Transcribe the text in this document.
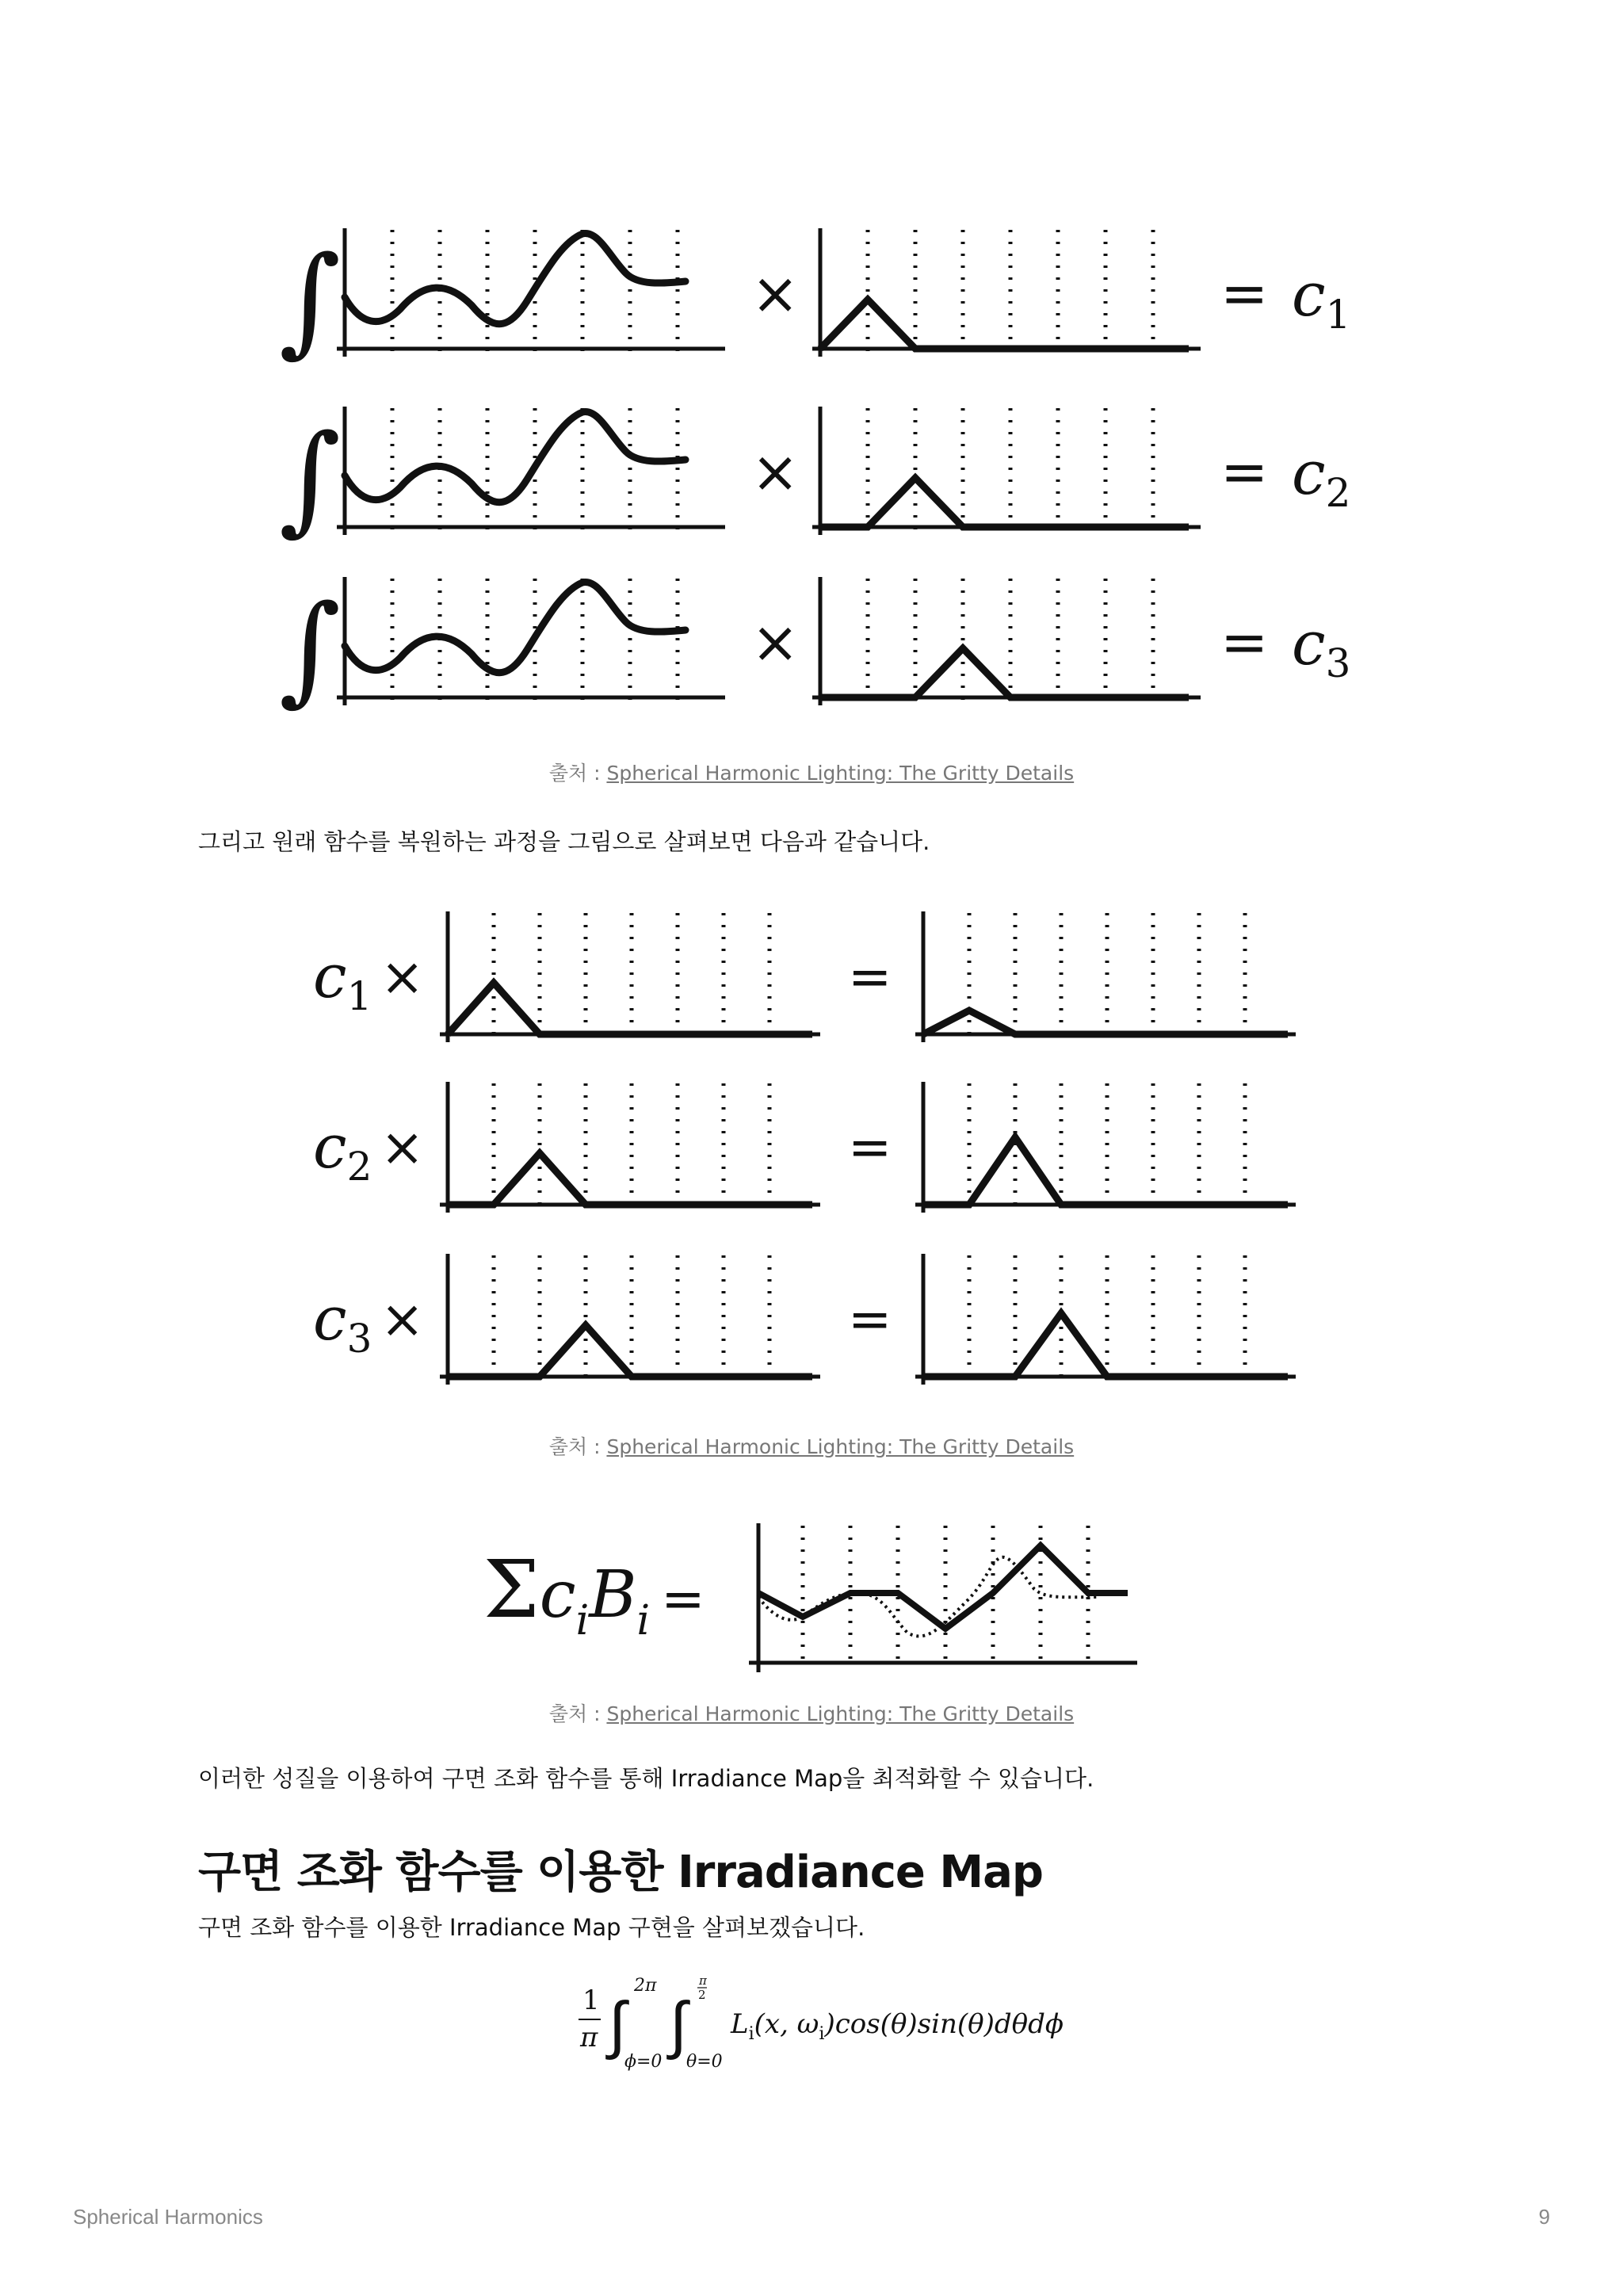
∫	×	= $c_1$
∫	×	= $c_2$
∫	×	= $c_3$
출처 : Spherical Harmonic Lighting: The Gritty Details
그리고 원래 함수를 복원하는 과정을 그림으로 살펴보면 다음과 같습니다.
$c_1$ ×	=
$c_2$ ×	=
$c_3$ ×	=
출처 : Spherical Harmonic Lighting: The Gritty Details
ΣciBi =
출처 : Spherical Harmonic Lighting: The Gritty Details
이러한 성질을 이용하여 구면 조화 함수를 통해 Irradiance Map을 최적화할 수 있습니다.
구면 조화 함수를 이용한 Irradiance Map
구면 조화 함수를 이용한 Irradiance Map 구현을 살펴보겠습니다.
1
π ∫
2π
ϕ=0
∫
π
2
θ=0
$L_i(x$, $\omega_i)\cos(\theta)\sin(\theta)d\theta d\phi$
Spherical Harmonics	9
